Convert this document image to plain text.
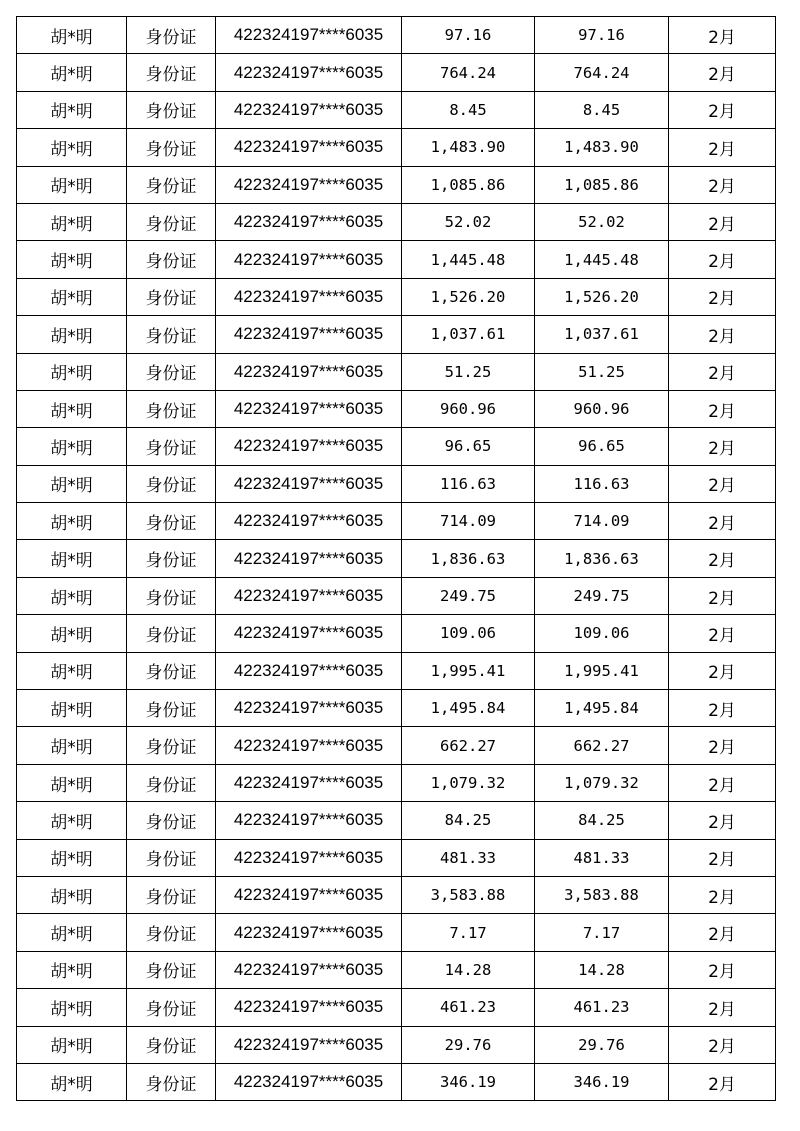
胡*明	身份证	422324197****6035	97.16	97.16	2月
胡*明	身份证	422324197****6035	764.24	764.24	2月
胡*明	身份证	422324197****6035	8.45	8.45	2月
胡*明	身份证	422324197****6035	1,483.90	1,483.90	2月
胡*明	身份证	422324197****6035	1,085.86	1,085.86	2月
胡*明	身份证	422324197****6035	52.02	52.02	2月
胡*明	身份证	422324197****6035	1,445.48	1,445.48	2月
胡*明	身份证	422324197****6035	1,526.20	1,526.20	2月
胡*明	身份证	422324197****6035	1,037.61	1,037.61	2月
胡*明	身份证	422324197****6035	51.25	51.25	2月
胡*明	身份证	422324197****6035	960.96	960.96	2月
胡*明	身份证	422324197****6035	96.65	96.65	2月
胡*明	身份证	422324197****6035	116.63	116.63	2月
胡*明	身份证	422324197****6035	714.09	714.09	2月
胡*明	身份证	422324197****6035	1,836.63	1,836.63	2月
胡*明	身份证	422324197****6035	249.75	249.75	2月
胡*明	身份证	422324197****6035	109.06	109.06	2月
胡*明	身份证	422324197****6035	1,995.41	1,995.41	2月
胡*明	身份证	422324197****6035	1,495.84	1,495.84	2月
胡*明	身份证	422324197****6035	662.27	662.27	2月
胡*明	身份证	422324197****6035	1,079.32	1,079.32	2月
胡*明	身份证	422324197****6035	84.25	84.25	2月
胡*明	身份证	422324197****6035	481.33	481.33	2月
胡*明	身份证	422324197****6035	3,583.88	3,583.88	2月
胡*明	身份证	422324197****6035	7.17	7.17	2月
胡*明	身份证	422324197****6035	14.28	14.28	2月
胡*明	身份证	422324197****6035	461.23	461.23	2月
胡*明	身份证	422324197****6035	29.76	29.76	2月
胡*明	身份证	422324197****6035	346.19	346.19	2月
